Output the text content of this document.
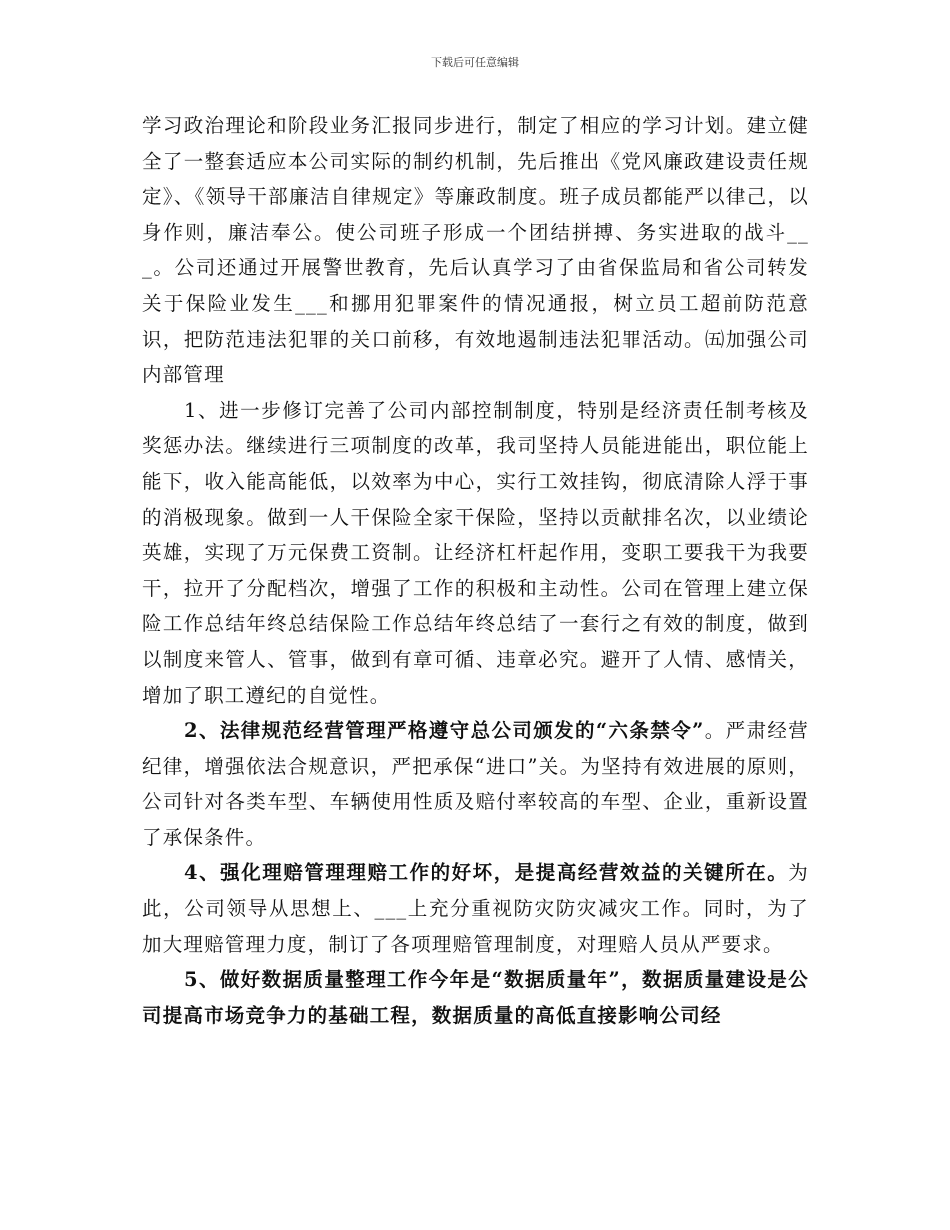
下载后可任意编辑

学习政治理论和阶段业务汇报同步进行，制定了相应的学习计划。建立健全了一整套适应本公司实际的制约机制，先后推出《党风廉政建设责任规定》、《领导干部廉洁自律规定》等廉政制度。班子成员都能严以律己，以身作则，廉洁奉公。使公司班子形成一个团结拼搏、务实进取的战斗___。公司还通过开展警世教育，先后认真学习了由省保监局和省公司转发关于保险业发生___和挪用犯罪案件的情况通报，树立员工超前防范意识，把防范违法犯罪的关口前移，有效地遏制违法犯罪活动。㈤加强公司内部管理

1、进一步修订完善了公司内部控制制度，特别是经济责任制考核及奖惩办法。继续进行三项制度的改革，我司坚持人员能进能出，职位能上能下，收入能高能低，以效率为中心，实行工效挂钩，彻底清除人浮于事的消极现象。做到一人干保险全家干保险，坚持以贡献排名次，以业绩论英雄，实现了万元保费工资制。让经济杠杆起作用，变职工要我干为我要干，拉开了分配档次，增强了工作的积极和主动性。公司在管理上建立保险工作总结年终总结保险工作总结年终总结了一套行之有效的制度，做到以制度来管人、管事，做到有章可循、违章必究。避开了人情、感情关，增加了职工遵纪的自觉性。

2、法律规范经营管理严格遵守总公司颁发的“六条禁令”。严肃经营纪律，增强依法合规意识，严把承保“进口”关。为坚持有效进展的原则，公司针对各类车型、车辆使用性质及赔付率较高的车型、企业，重新设置了承保条件。

4、强化理赔管理理赔工作的好坏，是提高经营效益的关键所在。为此，公司领导从思想上、___上充分重视防灾防灾减灾工作。同时，为了加大理赔管理力度，制订了各项理赔管理制度，对理赔人员从严要求。

5、做好数据质量整理工作今年是“数据质量年”，数据质量建设是公司提高市场竞争力的基础工程，数据质量的高低直接影响公司经
